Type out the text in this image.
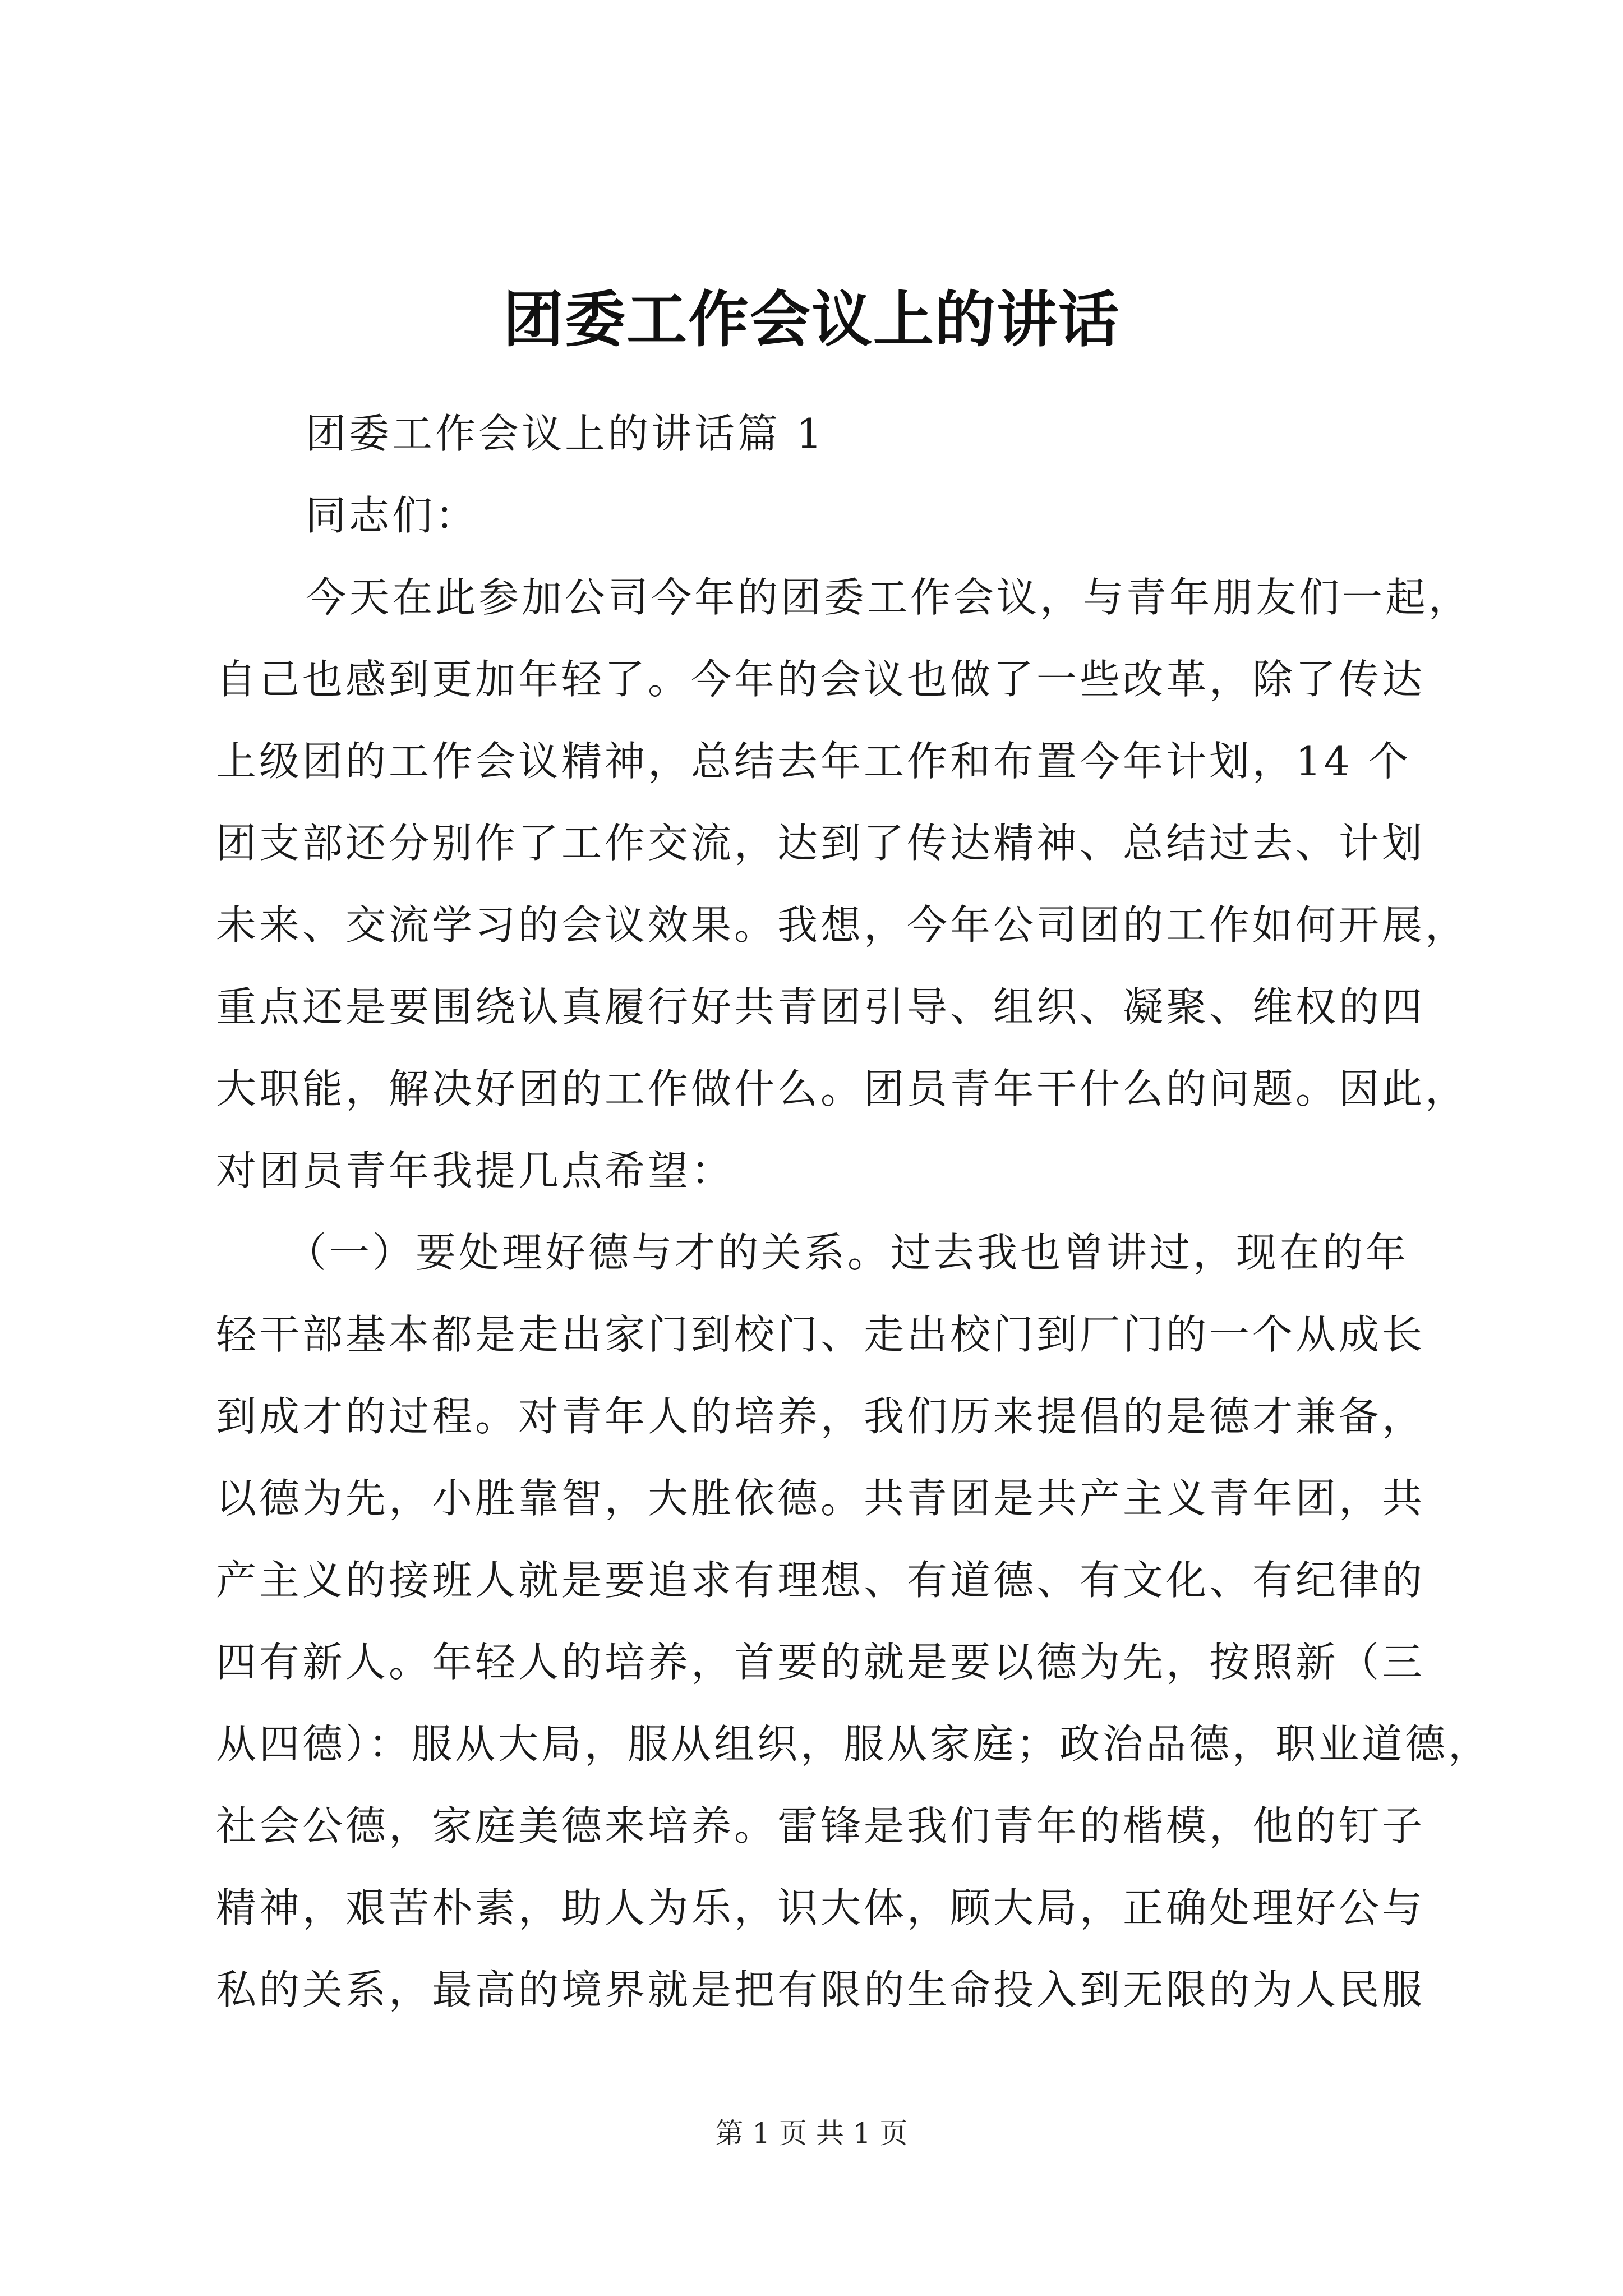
团委工作会议上的讲话
团委工作会议上的讲话篇 1
同志们：
今天在此参加公司今年的团委工作会议，与青年朋友们一起，
自己也感到更加年轻了。今年的会议也做了一些改革，除了传达
上级团的工作会议精神，总结去年工作和布置今年计划，14 个
团支部还分别作了工作交流，达到了传达精神、总结过去、计划
未来、交流学习的会议效果。我想，今年公司团的工作如何开展，
重点还是要围绕认真履行好共青团引导、组织、凝聚、维权的四
大职能，解决好团的工作做什么。团员青年干什么的问题。因此，
对团员青年我提几点希望：
（一）要处理好德与才的关系。过去我也曾讲过，现在的年
轻干部基本都是走出家门到校门、走出校门到厂门的一个从成长
到成才的过程。对青年人的培养，我们历来提倡的是德才兼备，
以德为先，小胜靠智，大胜依德。共青团是共产主义青年团，共
产主义的接班人就是要追求有理想、有道德、有文化、有纪律的
四有新人。年轻人的培养，首要的就是要以德为先，按照新（三
从四德）：服从大局，服从组织，服从家庭；政治品德，职业道德，
社会公德，家庭美德来培养。雷锋是我们青年的楷模，他的钉子
精神，艰苦朴素，助人为乐，识大体，顾大局，正确处理好公与
私的关系，最高的境界就是把有限的生命投入到无限的为人民服
第 1 页 共 1 页
